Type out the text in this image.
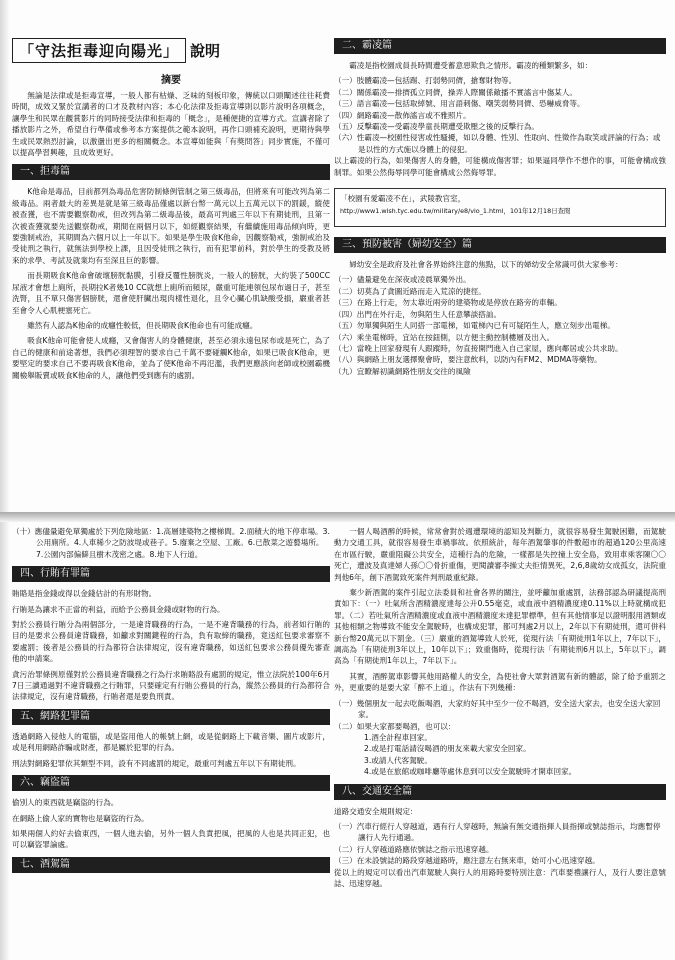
「守法拒毒迎向陽光」 說明
摘要

無論是法律或是拒毒宣導，一般人都有枯燥、乏味的刻板印象，傳統以口頭闡述往往耗費時間，成效又緊於宣講者的口才及教材內容；本心化法律及拒毒宣導則以影片說明各項概念，讓學生和民眾在觀賞影片的同時接受法律和拒毒的「概念」，是種便捷的宣導方式。宣講者除了播放影片之外，希望自行準備或參考本方案提供之範本說明，再作口頭補充說明，更期待與學生或民眾熱烈討論，以激盪出更多的相關概念。本宣導如能與「有獎問答」同步實施，不僅可以提高學習興趣，且成效更好。

一、拒毒篇

K他命是毒品，目前都列為毒品危害防制條例管制之第三級毒品，但將來有可能改列為第二級毒品。兩者最大的差異是就是第三級毒品僅處以新台幣一萬元以上五萬元以下的罰鍰，縱使被查獲，也不需要觀察勒戒，但改列為第二級毒品後，最高可判處三年以下有期徒刑，且第一次被查獲就要先送觀察勒戒，期間在兩個月以下，如經觀察結果，有繼續施用毒品傾向時，更要強制戒治，其期間為六個月以上一年以下。如果是學生吸食K他命，因觀察勒戒，強制戒治及受徒刑之執行，就無法到學校上課，且因受徒刑之執行，而有犯罪前科，對於學生的受教及將來的求學、考試及就業均有至深且巨的影響。

而長期吸食K他命會破壞膀胱黏膜，引發反覆性膀胱炎，一般人的膀胱，大約裝了500CC尿液才會想上廁所，長期拉K者幾10 CC就想上廁所而頻尿，嚴重可能連領包尿布過日子，甚至洗腎，且不單只傷害個膀胱，還會使肝臟出現肉樣性退化，且令心臟心肌缺酸受損，嚴重者甚至會令人心肌梗塞死亡。

雖然有人認為K他命的成癮性較低，但長期吸食K他命也有可能成癮。

吸食K他命可能會使人成癮，又會傷害人的身體健康，甚至必須永遠包尿布或是死亡，為了自己的健康和前途著想，我們必須理智的要求自己千萬不要碰觸K他命，如果已吸食K他命，更要堅定的要求自己不要再吸食K他命，並為了使K他命不再氾濫，我們更應該向老師或校園霸機關檢舉販賣或吸食K他命的人，讓他們受到應有的處罰。

二、霸凌篇

霸凌是指校園成員長時間遭受蓄意惡欺負之情形。霸凌的種類繁多，如：

（一）肢體霸凌—包括踢、打弱勢同儕，搶奪財物等。

（二）關係霸凌—排擠孤立同儕，操弄人際關係敵播不實謠言中傷某人。

（三）語言霸凌—包括取綽號、用言語刺傷、嘲笑弱勢同儕、恐嚇威脅等。

（四）網路霸凌—散佈謠言或不雅照片。

（五）反擊霸凌—受霸凌學童長期遭受欺壓之後的反擊行為。

（六）性霸凌—校園性侵害或性騷擾，如以身體、性別、性取向、性徵作為取笑或評論的行為；或是以性的方式施以身體上的侵犯。

以上霸凌的行為，如果傷害人的身體，可能構成傷害罪；如果逼同學作不想作的事，可能會構成強制罪。如果公然侮辱同學可能會構成公然侮辱罪。

「校園有愛霸凌不在」，武陵教官室，
http://www1.wlsh.tyc.edu.tw/military/e8/vio_1.html，101年12月18日查閱
三、預防被害（婦幼安全）篇

婦幼安全是政府及社會各界始終注意的焦點，以下的婦幼安全常識可供大家參考：

（一）儘量避免在深夜或凌晨單獨外出。

（二）切莫為了貪圖近路而走入荒涼的捷徑。

（三）在路上行走，勿太靠近兩旁的建築物或是停放在路旁的車輛。

（四）出門在外行走，勿與陌生人任意攀談搭訕。

（五）勿單獨與陌生人同搭一部電梯，如電梯內已有可疑陌生人，應立刻步出電梯。

（六）乘坐電梯時，宜站在按鈕側，以方便主動控制樓層及出入。

（七）當晚上回家發現有人跟蹤時，勿直接開門進入自己家屋，應向鄰居或公共求助。

（八）與網路上朋友選擇聚會時，要注意飲料，以防內有FM2、MDMA等藥物。

（九）宜瞭解初識網路性朋友交往的風險

（十）應儘量避免單獨處於下列危險地區：1.高層建築物之樓梯間。2.面積大的地下停車場。3.公用廁所。4.人車稀少之防波堤或巷子。5.廢棄之空屋、工廠。6.已散菜之遊藝場所。7.公園內部偏僻且樹木茂密之處。8.地下人行道。

四、行賄有罪篇

賄賂是指金錢或得以金錢估計的有形財物。

行賄是為讓求不正當的利益，而給予公務員金錢或財物的行為。

對於公務員行賄分為兩個部分，一是違背職務的行為，一是不違背職務的行為，前者如行賄的目的是要求公務員違背職務，如籲求對關鍵程的行為，負有取締的職務，竟送紅包要求審察不要處罰；後者是公務員的行為都符合法律規定，沒有違背職務，如送紅包要求公務員優先審查他的申請案。

貪污治罪條例原僅對於公務員違背職務之行為行求賄賂設有處罰的規定，惟立法院於100年6月7日三讀通過對不違背職務之行賄罪，只要確定有行賄公務員的行為，縱然公務員的行為都符合法律規定，沒有違背職務，行賄者還是要負刑責。

五、網路犯罪篇

透過網路入侵他人的電腦，或是盜用他人的帳號上網，或是從網路上下載音樂、圖片或影片，或是利用網路詐騙或財產，都是屬於犯罪的行為。

刑法對網路犯罪依其類型不同，設有不同處罰的規定，最重可判處五年以下有期徒刑。

六、竊盜篇

偷別人的東西就是竊盜的行為。

在網路上偷人家的寶物也是竊盜的行為。

如果兩個人約好去偷東西，一個人進去偷，另外一個人負責把風，把風的人也是共同正犯，也可以竊盜罪論處。

七、酒駕篇

一個人喝酒醉的時候，常常會對於週遭環境的認知及判斷力，就很容易發生駕駛困難，而駕駛動力交通工具，就很容易發生車禍事故。依照統計，每年酒駕肇事的件數超市的超過120公里高速在市區行駛，嚴重阻礙公共安全，這種行為的危險，一樣都是失控撞上安全島，致用車乘客陳〇〇死亡，遭波及真達婦人孫〇〇骨折重傷，更閱讀審李操丈夫拒情異死，2,6,8歲幼女成孤女，法院重判他6年，創下酒駕致死案件判刑最重紀錄。

棄少新酒駕的案件引起立法委員和社會各界的關注，並呼籲加重處罰，法務部認為研議提高刑責如下：（一）吐氣所含酒精濃度達每公升0.55毫克，或血液中酒精濃度達0.11%以上時就構成犯罪。（二）若吐氣所含酒精濃度或血液中酒精濃度未達犯罪標準，但有其他情事足以證明服用酒類或其他相類之物導致不能安全駕駛時，也構成犯罪，都可判處2月以上，2年以下有期徒刑，還可併科新台幣20萬元以下罰金。（三）嚴重的酒駕導致人於死，從現行法「有期徒刑1年以上，7年以下」，調高為「有期徒刑3年以上，10年以下」；致重傷時，從現行法「有期徒刑6月以上，5年以下」，調高為「有期徒刑1年以上，7年以下」。

其實，酒醉駕車影響其他用路權人的安全，為使社會大眾對酒駕有新的體認，除了給予重罰之外，更重要的是要大家「醉不上道」，作法有下列幾種：

（一）幾個朋友一起去吃飯喝酒，大家約好其中至少一位不喝酒，安全送大家去，也安全送大家回家。

（二）如果大家都要喝酒，也可以：

1.酒全計程車回家。

2.或是打電話請沒喝酒的朋友來載大家安全回家。

3.或請人代客駕駛。

4.或是在旅館或咖啡廳等處休息到可以安全駕駛時才開車回家。

八、交通安全篇

道路交通安全規則規定：

（一）汽車行經行人穿越道，遇有行人穿越時，無論有無交通指揮人員指揮或號誌指示，均應暫停讓行人先行通過。

（二）行人穿越道路應依號誌之指示迅速穿越。

（三）在未設號誌的路段穿越道路時，應注意左右無來車，始可小心迅速穿越。

從以上的規定可以看出汽車駕駛人與行人的用路時要特別注意：汽車要禮讓行人，及行人要注意號誌、迅速穿越。
